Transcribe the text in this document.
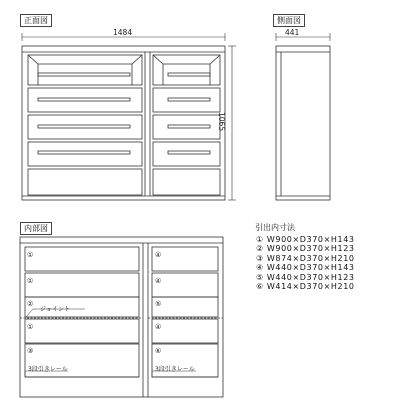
正面図	側面図
内部図
1484	441
1065
①
①
②
①
③
④
④
⑤
④
⑥
ジョイント
3段引きレール	3段引きレール
引出内寸法
① W900×D370×H143
② W900×D370×H123
③ W874×D370×H210
④ W440×D370×H143
⑤ W440×D370×H123
⑥ W414×D370×H210
